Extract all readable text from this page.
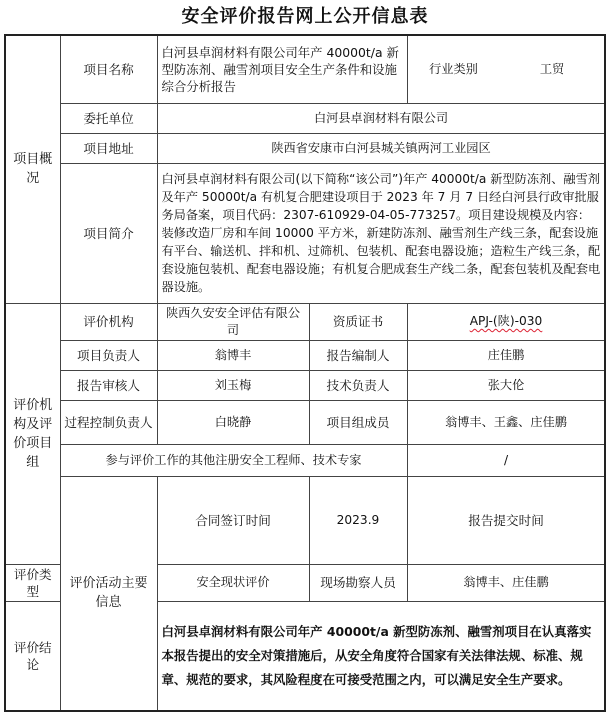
安全评价报告网上公开信息表
项目概况	项目名称	白河县卓润材料有限公司年产 40000t/a 新型防冻剂、融雪剂项目安全生产条件和设施综合分析报告		行业类别 工贸	

	委托单位	白河县卓润材料有限公司			
	项目地址	陕西省安康市白河县城关镇两河工业园区			
	项目简介	白河县卓润材料有限公司(以下简称“该公司”)年产 40000t/a 新型防冻剂、融雪剂及年产 50000t/a 有机复合肥建设项目于 2023 年 7 月 7 日经白河县行政审批服务局备案，项目代码：2307-610929-04-05-773257。项目建设规模及内容：装修改造厂房和车间 10000 平方米，新建防冻剂、融雪剂生产线三条，配套设施有平台、输送机、拌和机、过筛机、包装机、配套电器设施；造粒生产线三条，配套设施包装机、配套电器设施；有机复合肥成套生产线二条，配套包装机及配套电器设施。			
评价机构及评价项目组	评价机构	陕西久安安全评估有限公司	资质证书	APJ-(陕)-030	
	项目负责人	翁博丰	报告编制人	庄佳鹏	
	报告审核人	刘玉梅	技术负责人	张大伦	
	过程控制负责人	白晓静	项目组成员	翁博丰、王鑫、庄佳鹏	
	参与评价工作的其他注册安全工程师、技术专家			/	
	评价活动主要信息	合同签订时间	2023.9	报告提交时间	
评价类型		安全现状评价	现场勘察人员	翁博丰、庄佳鹏	
评价结论		白河县卓润材料有限公司年产 40000t/a 新型防冻剂、融雪剂项目在认真落实本报告提出的安全对策措施后，从安全角度符合国家有关法律法规、标准、规章、规范的要求，其风险程度在可接受范围之内，可以满足安全生产要求。			
